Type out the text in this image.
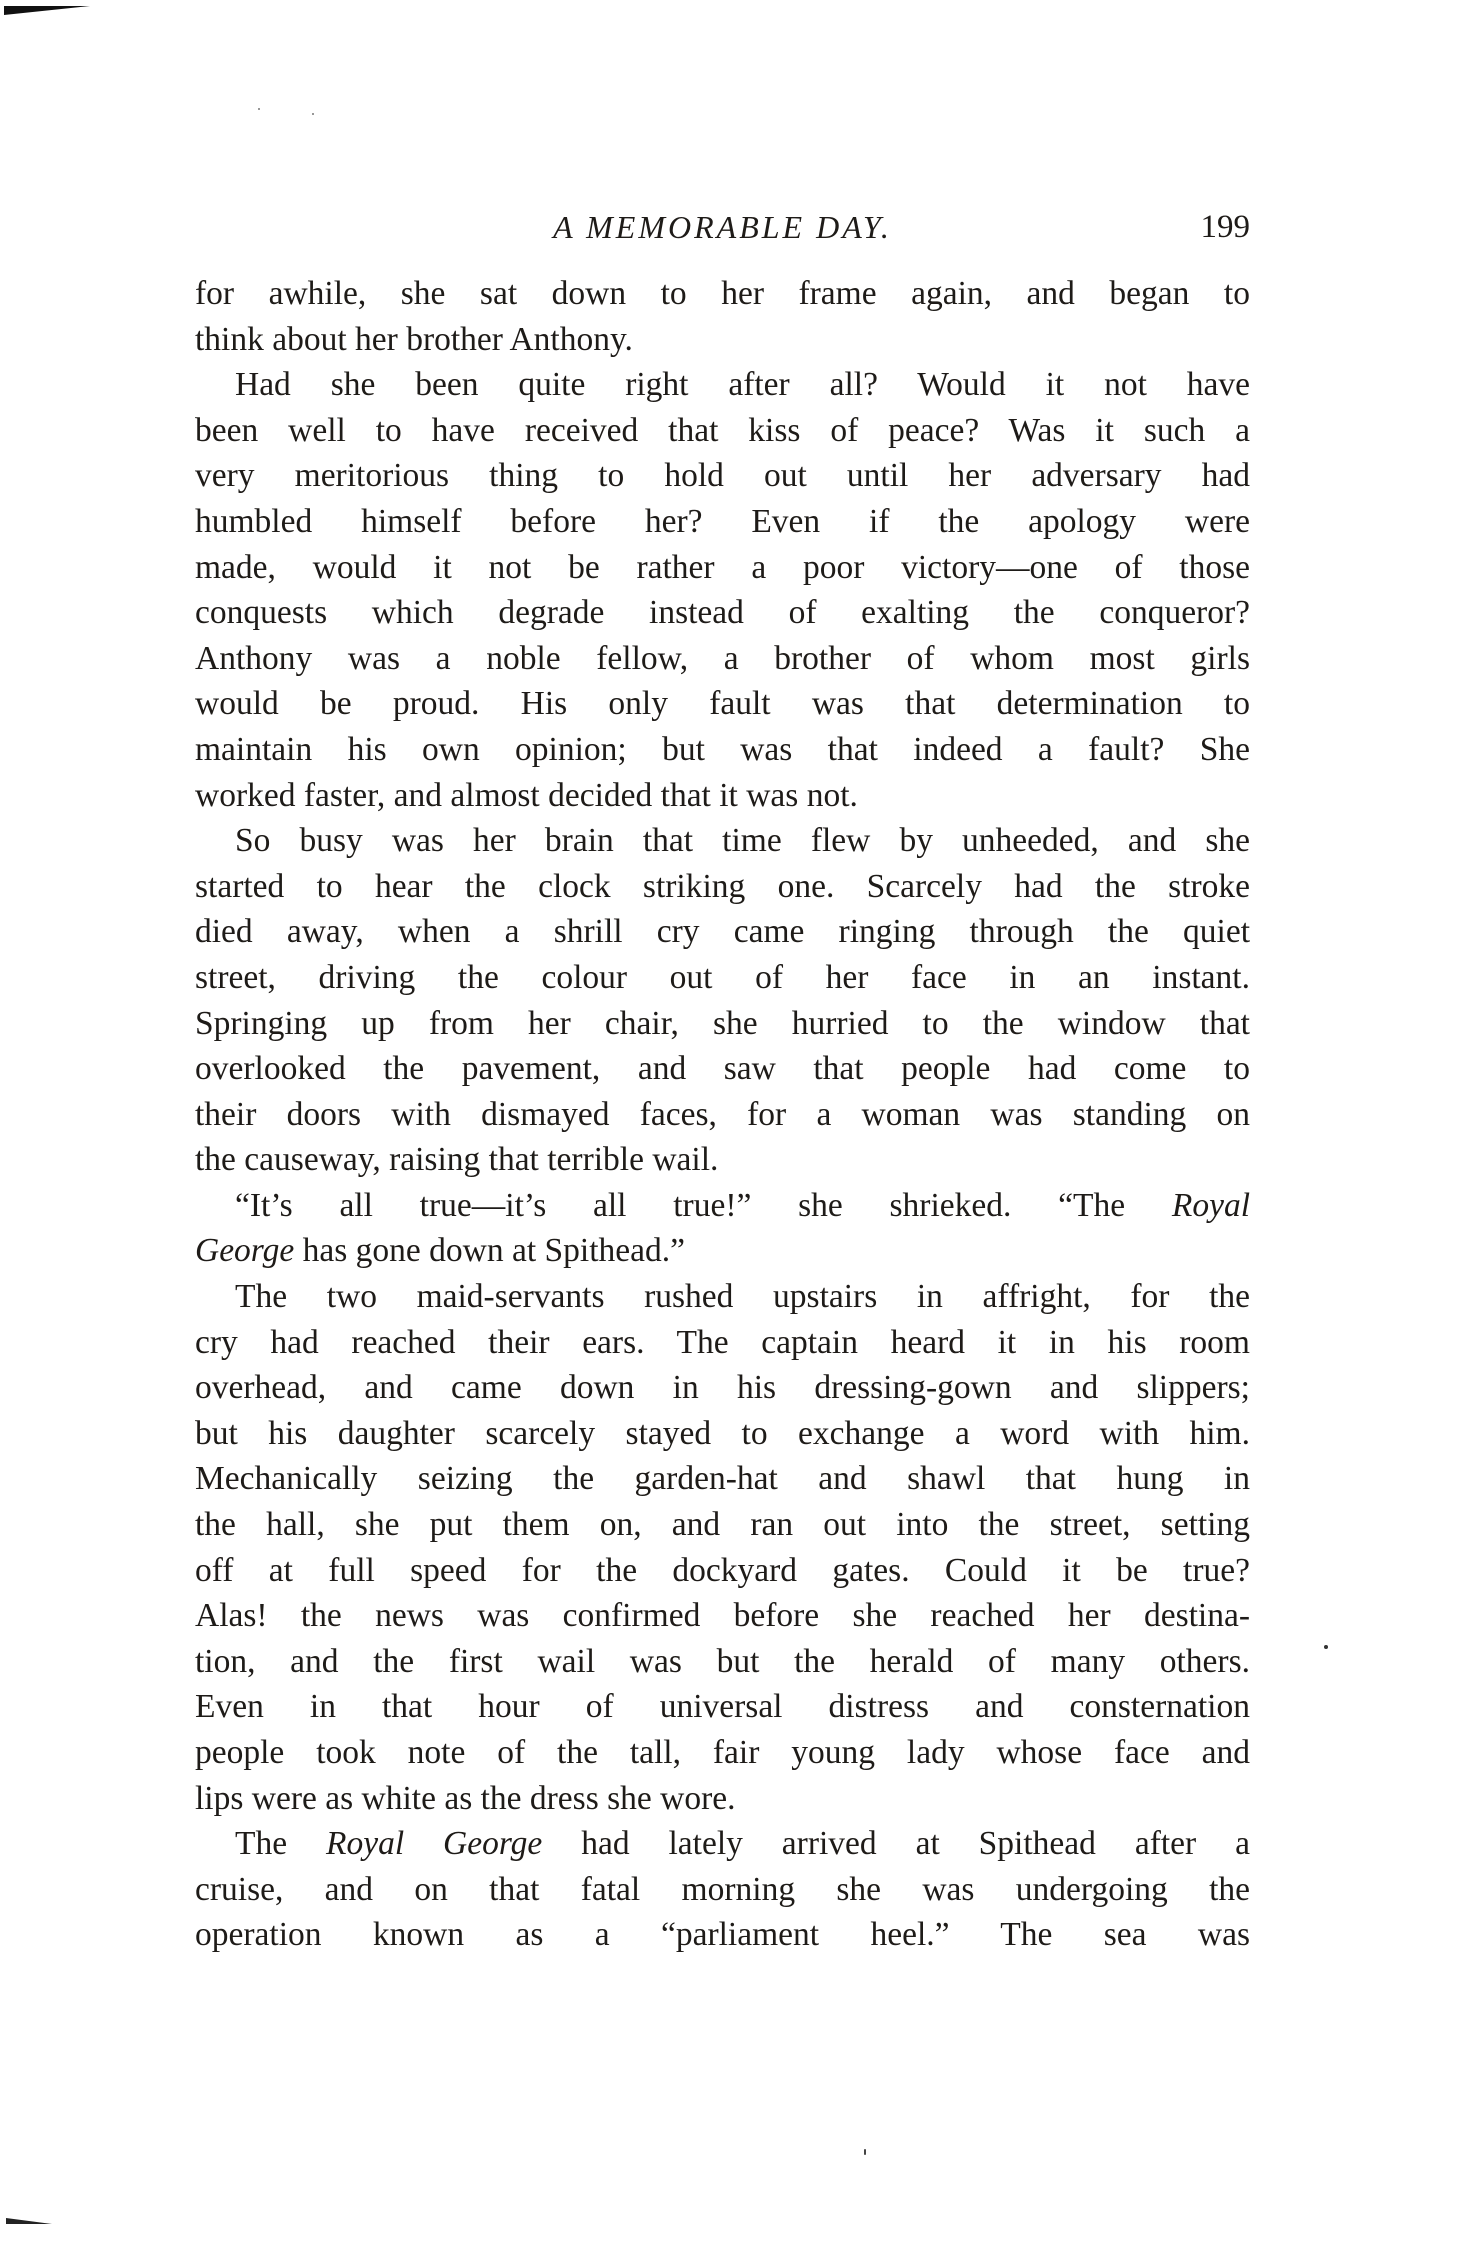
A MEMORABLE DAY.	199

for awhile, she sat down to her frame again, and began to
think about her brother Anthony.

Had she been quite right after all? Would it not have
been well to have received that kiss of peace? Was it such a
very meritorious thing to hold out until her adversary had
humbled himself before her? Even if the apology were
made, would it not be rather a poor victory—one of those
conquests which degrade instead of exalting the conqueror?
Anthony was a noble fellow, a brother of whom most girls
would be proud. His only fault was that determination to
maintain his own opinion; but was that indeed a fault? She
worked faster, and almost decided that it was not.

So busy was her brain that time flew by unheeded, and she
started to hear the clock striking one. Scarcely had the stroke
died away, when a shrill cry came ringing through the quiet
street, driving the colour out of her face in an instant.
Springing up from her chair, she hurried to the window that
overlooked the pavement, and saw that people had come to
their doors with dismayed faces, for a woman was standing on
the causeway, raising that terrible wail.

“It’s all true—it’s all true!” she shrieked. “The Royal
George has gone down at Spithead.”

The two maid-servants rushed upstairs in affright, for the
cry had reached their ears. The captain heard it in his room
overhead, and came down in his dressing-gown and slippers;
but his daughter scarcely stayed to exchange a word with him.
Mechanically seizing the garden-hat and shawl that hung in
the hall, she put them on, and ran out into the street, setting
off at full speed for the dockyard gates. Could it be true?
Alas! the news was confirmed before she reached her destina-
tion, and the first wail was but the herald of many others.
Even in that hour of universal distress and consternation
people took note of the tall, fair young lady whose face and
lips were as white as the dress she wore.

The Royal George had lately arrived at Spithead after a
cruise, and on that fatal morning she was undergoing the
operation known as a “parliament heel.” The sea was
